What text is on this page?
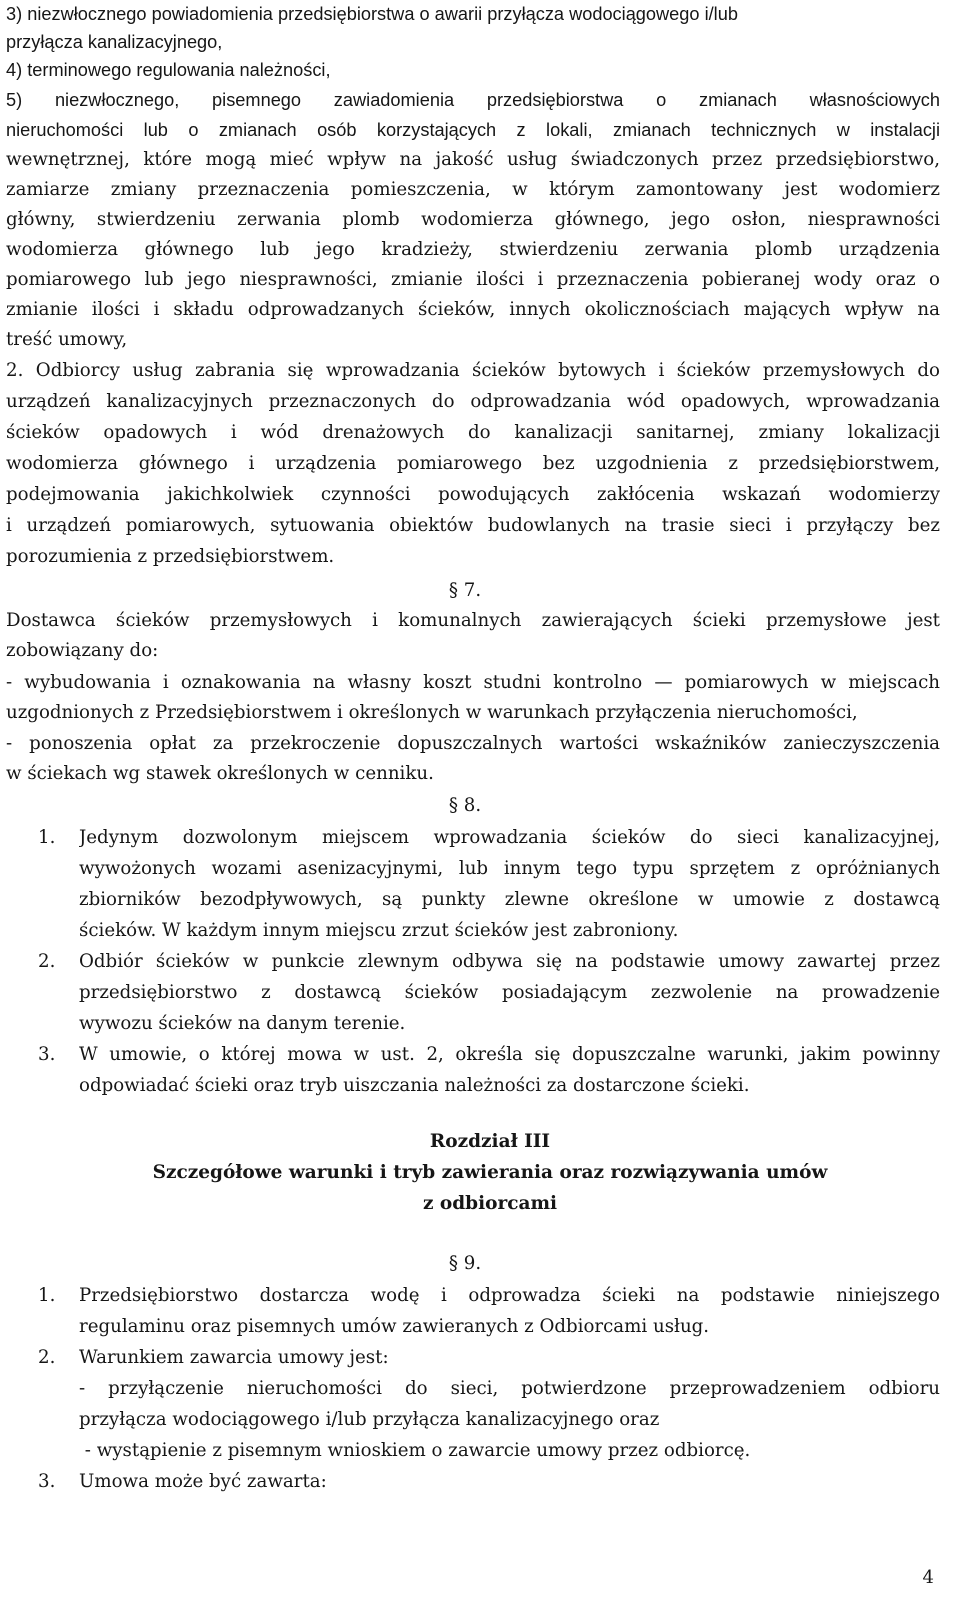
3) niezwłocznego powiadomienia przedsiębiorstwa o awarii przyłącza wodociągowego i/lub
przyłącza kanalizacyjnego,
4) terminowego regulowania należności,
5) niezwłocznego, pisemnego zawiadomienia przedsiębiorstwa o zmianach własnościowych
nieruchomości lub o zmianach osób korzystających z lokali, zmianach technicznych w instalacji
wewnętrznej, które mogą mieć wpływ na jakość usług świadczonych przez przedsiębiorstwo,
zamiarze zmiany przeznaczenia pomieszczenia, w którym zamontowany jest wodomierz
główny, stwierdzeniu zerwania plomb wodomierza głównego, jego osłon, niesprawności
wodomierza głównego lub jego kradzieży, stwierdzeniu zerwania plomb urządzenia
pomiarowego lub jego niesprawności, zmianie ilości i przeznaczenia pobieranej wody oraz o
zmianie ilości i składu odprowadzanych ścieków, innych okolicznościach mających wpływ na
treść umowy,
2. Odbiorcy usług zabrania się wprowadzania ścieków bytowych i ścieków przemysłowych do
urządzeń kanalizacyjnych przeznaczonych do odprowadzania wód opadowych, wprowadzania
ścieków opadowych i wód drenażowych do kanalizacji sanitarnej, zmiany lokalizacji
wodomierza głównego i urządzenia pomiarowego bez uzgodnienia z przedsiębiorstwem,
podejmowania jakichkolwiek czynności powodujących zakłócenia wskazań wodomierzy
i urządzeń pomiarowych, sytuowania obiektów budowlanych na trasie sieci i przyłączy bez
porozumienia z przedsiębiorstwem.
§ 7.
Dostawca ścieków przemysłowych i komunalnych zawierających ścieki przemysłowe jest
zobowiązany do:
- wybudowania i oznakowania na własny koszt studni kontrolno — pomiarowych w miejscach
uzgodnionych z Przedsiębiorstwem i określonych w warunkach przyłączenia nieruchomości,
- ponoszenia opłat za przekroczenie dopuszczalnych wartości wskaźników zanieczyszczenia
w ściekach wg stawek określonych w cenniku.
§ 8.
1.	Jedynym dozwolonym miejscem wprowadzania ścieków do sieci kanalizacyjnej,
wywożonych wozami asenizacyjnymi, lub innym tego typu sprzętem z opróżnianych
zbiorników bezodpływowych, są punkty zlewne określone w umowie z dostawcą
ścieków. W każdym innym miejscu zrzut ścieków jest zabroniony.
2.	Odbiór ścieków w punkcie zlewnym odbywa się na podstawie umowy zawartej przez
przedsiębiorstwo z dostawcą ścieków posiadającym zezwolenie na prowadzenie
wywozu ścieków na danym terenie.
3.	W umowie, o której mowa w ust. 2, określa się dopuszczalne warunki, jakim powinny
odpowiadać ścieki oraz tryb uiszczania należności za dostarczone ścieki.
Rozdział III
Szczegółowe warunki i tryb zawierania oraz rozwiązywania umów
z odbiorcami
§ 9.
1.	Przedsiębiorstwo dostarcza wodę i odprowadza ścieki na podstawie niniejszego
regulaminu oraz pisemnych umów zawieranych z Odbiorcami usług.
2.	Warunkiem zawarcia umowy jest:
- przyłączenie nieruchomości do sieci, potwierdzone przeprowadzeniem odbioru
przyłącza wodociągowego i/lub przyłącza kanalizacyjnego oraz
- wystąpienie z pisemnym wnioskiem o zawarcie umowy przez odbiorcę.
3.	Umowa może być zawarta:
4
